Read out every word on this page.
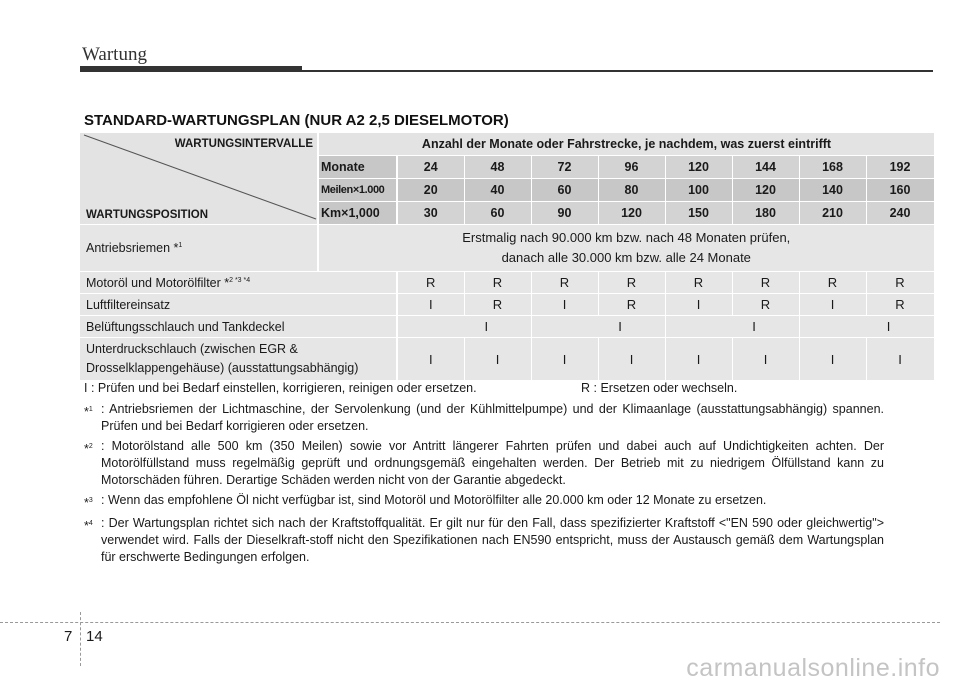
Wartung
STANDARD-WARTUNGSPLAN (NUR A2 2,5 DIESELMOTOR)
WARTUNGSINTERVALLE
WARTUNGSPOSITION	Anzahl der Monate oder Fahrstrecke, je nachdem, was zuerst eintrifft								
	Monate	24	48	72	96	120	144	168	192
	Meilen×1.000	20	40	60	80	100	120	140	160
	Km×1,000	30	60	90	120	150	180	210	240
Antriebsriemen *$^1$	Erstmalig nach 90.000 km bzw. nach 48 Monaten prüfen,
danach alle 30.000 km bzw. alle 24 Monate								

Motoröl und Motorölfilter *$^{2 *3 *4}$		R	R	R	R	R	R	R	R
Luftfiltereinsatz		I	R	I	R	I	R	I	R
Belüftungsschlauch und Tankdeckel		I		I		I		I	

Unterdruckschlauch (zwischen EGR &
Drosselklappengehäuse) (ausstattungsabhängig)		I	I	I	I	I	I	I	I
I : Prüfen und bei Bedarf einstellen, korrigieren, reinigen oder ersetzen.	R : Ersetzen oder wechseln.
*$^1$ : Antriebsriemen der Lichtmaschine, der Servolenkung (und der Kühlmittelpumpe) und der Klimaanlage (ausstattungsabhängig) spannen. Prüfen und bei Bedarf korrigieren oder ersetzen.
*$^2$ : Motorölstand alle 500 km (350 Meilen) sowie vor Antritt längerer Fahrten prüfen und dabei auch auf Undichtigkeiten achten. Der Motorölfüllstand muss regelmäßig geprüft und ordnungsgemäß eingehalten werden. Der Betrieb mit zu niedrigem Ölfüllstand kann zu Motorschäden führen. Derartige Schäden werden nicht von der Garantie abgedeckt.
*$^3$ : Wenn das empfohlene Öl nicht verfügbar ist, sind Motoröl und Motorölfilter alle 20.000 km oder 12 Monate zu ersetzen.
*$^4$ : Der Wartungsplan richtet sich nach der Kraftstoffqualität. Er gilt nur für den Fall, dass spezifizierter Kraftstoff <"EN 590 oder gleichwertig"> verwendet wird. Falls der Dieselkraft-stoff nicht den Spezifikationen nach EN590 entspricht, muss der Austausch gemäß dem Wartungsplan für erschwerte Bedingungen erfolgen.
7 14
carmanualsonline.info
